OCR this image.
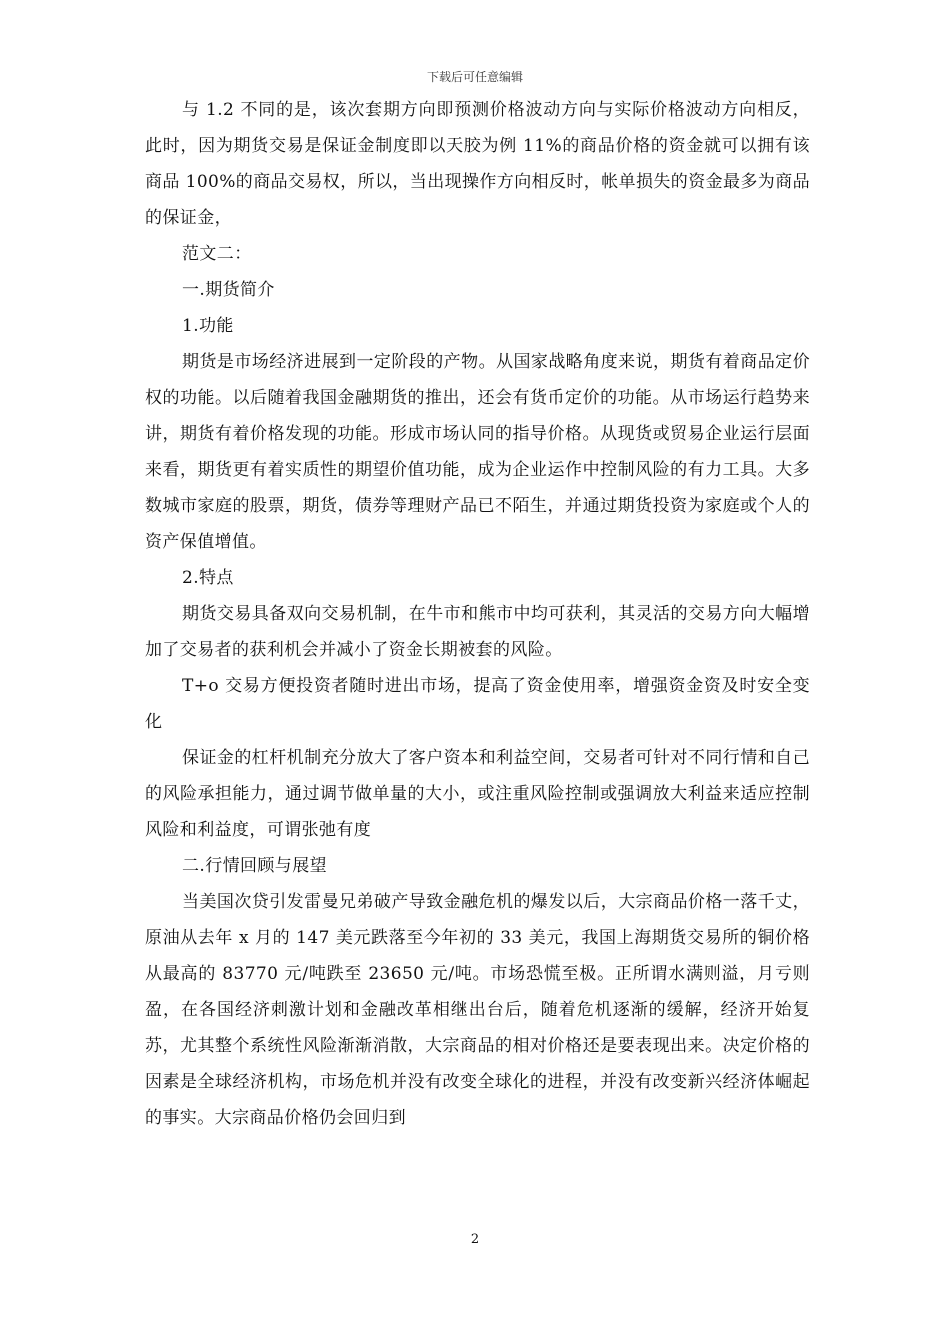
下载后可任意编辑

与 1.2 不同的是，该次套期方向即预测价格波动方向与实际价格波动方向相反，此时，因为期货交易是保证金制度即以天胶为例 11%的商品价格的资金就可以拥有该商品 100%的商品交易权，所以，当出现操作方向相反时，帐单损失的资金最多为商品的保证金，

范文二：

一.期货简介

1.功能

期货是市场经济进展到一定阶段的产物。从国家战略角度来说，期货有着商品定价权的功能。以后随着我国金融期货的推出，还会有货币定价的功能。从市场运行趋势来讲，期货有着价格发现的功能。形成市场认同的指导价格。从现货或贸易企业运行层面来看，期货更有着实质性的期望价值功能，成为企业运作中控制风险的有力工具。大多数城市家庭的股票，期货，债券等理财产品已不陌生，并通过期货投资为家庭或个人的资产保值增值。

2.特点

期货交易具备双向交易机制，在牛市和熊市中均可获利，其灵活的交易方向大幅增加了交易者的获利机会并减小了资金长期被套的风险。

T+o 交易方便投资者随时进出市场，提高了资金使用率，增强资金资及时安全变化

保证金的杠杆机制充分放大了客户资本和利益空间，交易者可针对不同行情和自己的风险承担能力，通过调节做单量的大小，或注重风险控制或强调放大利益来适应控制风险和利益度，可谓张弛有度

二.行情回顾与展望

当美国次贷引发雷曼兄弟破产导致金融危机的爆发以后，大宗商品价格一落千丈，原油从去年 x 月的 147 美元跌落至今年初的 33 美元，我国上海期货交易所的铜价格从最高的 83770 元/吨跌至 23650 元/吨。市场恐慌至极。正所谓水满则溢，月亏则盈，在各国经济刺激计划和金融改革相继出台后，随着危机逐渐的缓解，经济开始复苏，尤其整个系统性风险渐渐消散，大宗商品的相对价格还是要表现出来。决定价格的因素是全球经济机构，市场危机并没有改变全球化的进程，并没有改变新兴经济体崛起的事实。大宗商品价格仍会回归到

2
